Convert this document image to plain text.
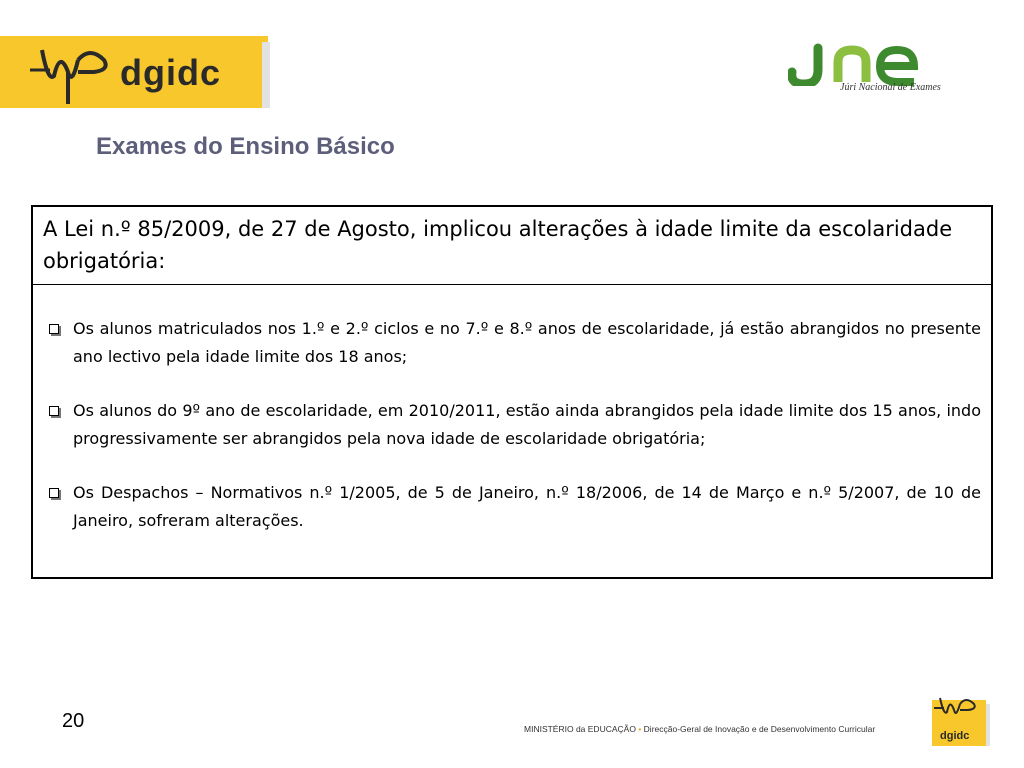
dgidc	Júri Nacional de Exames
Exames do Ensino Básico
A Lei n.º 85/2009, de 27 de Agosto, implicou alterações à idade limite da escolaridade obrigatória:
Os alunos matriculados nos 1.º e 2.º ciclos e no 7.º e 8.º anos de escolaridade, já estão abrangidos no presente ano lectivo pela idade limite dos 18 anos;
Os alunos do 9º ano de escolaridade, em 2010/2011, estão ainda abrangidos pela idade limite dos 15 anos, indo progressivamente ser abrangidos pela nova idade de escolaridade obrigatória;
Os Despachos – Normativos n.º 1/2005, de 5 de Janeiro, n.º 18/2006, de 14 de Março e n.º 5/2007, de 10 de Janeiro, sofreram alterações.
20	MINISTÉRIO da EDUCAÇÃO • Direcção-Geral de Inovação e de Desenvolvimento Curricular
dgidc
